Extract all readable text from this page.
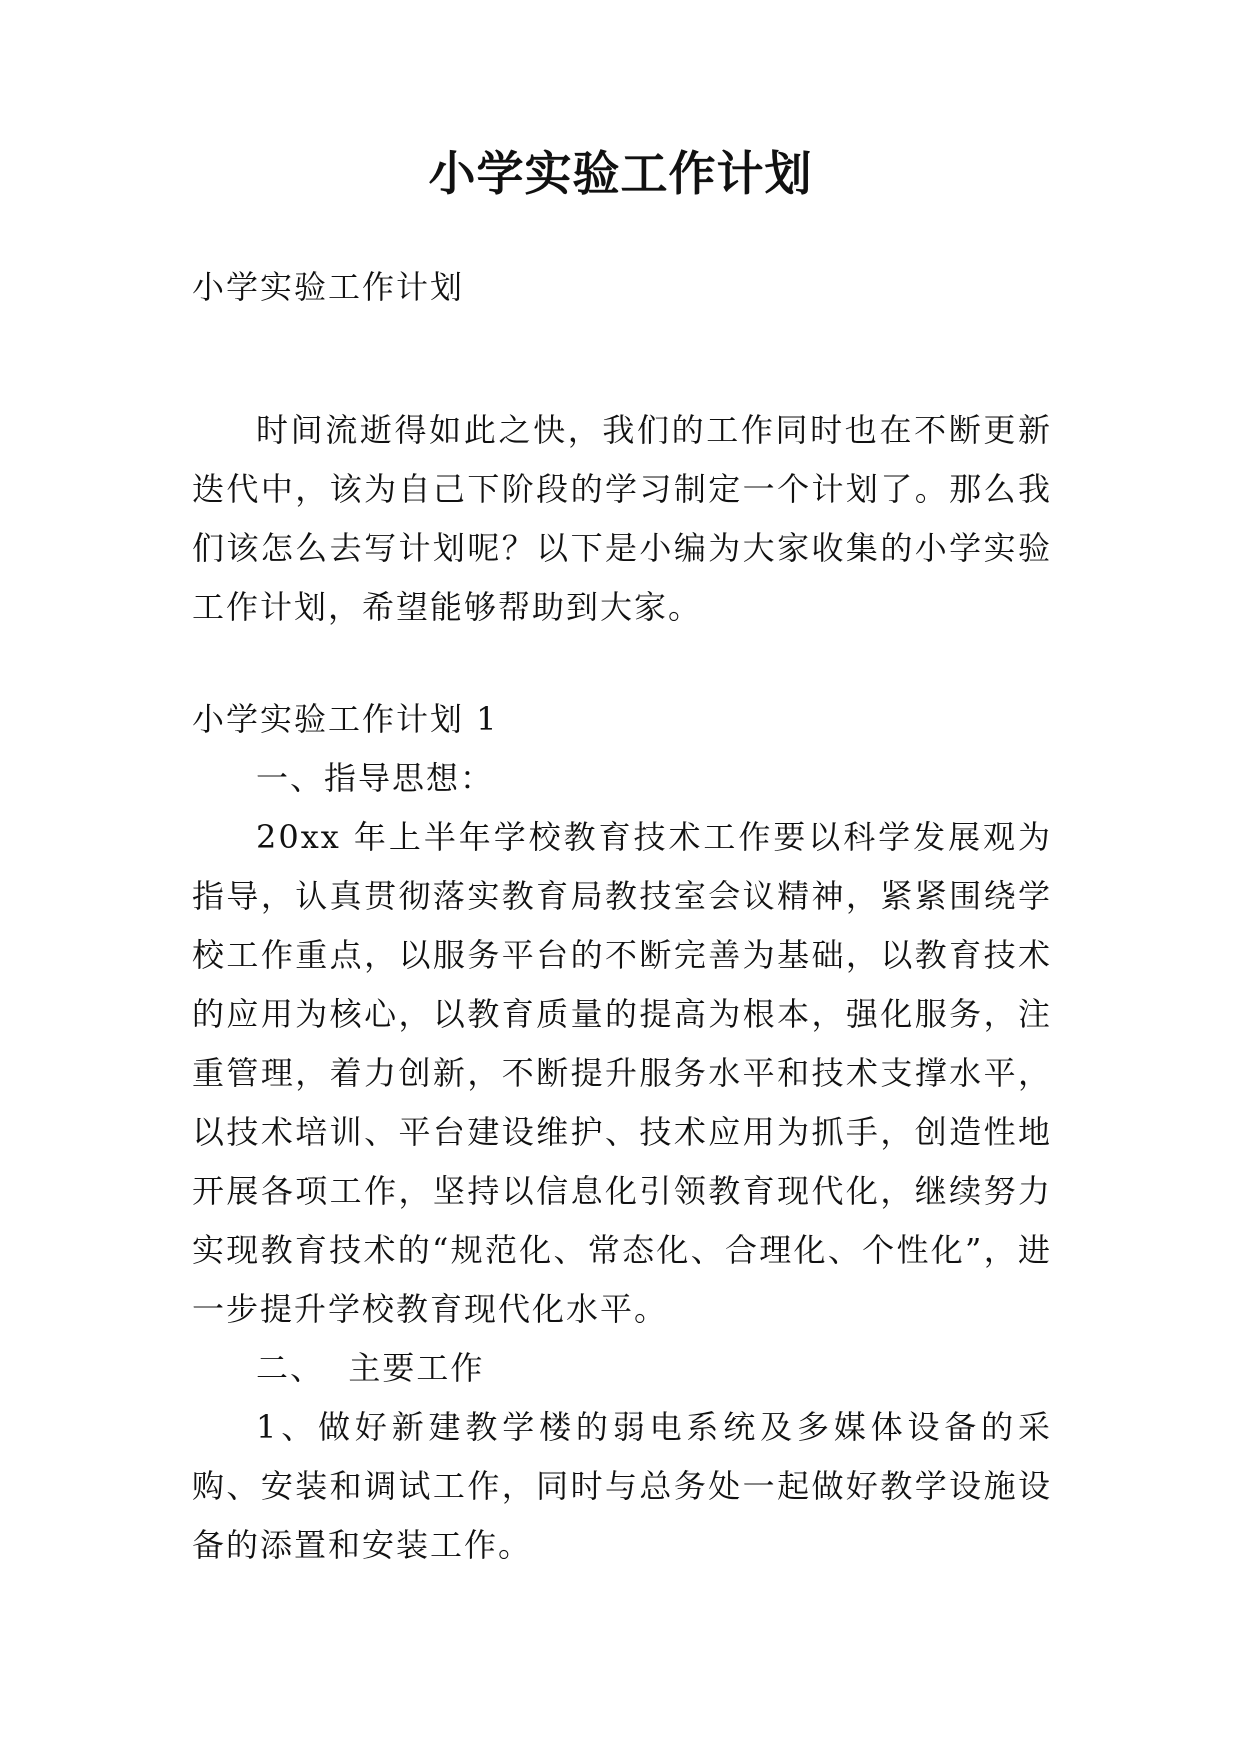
小学实验工作计划

小学实验工作计划

时间流逝得如此之快，我们的工作同时也在不断更新迭代中，该为自己下阶段的学习制定一个计划了。那么我们该怎么去写计划呢？以下是小编为大家收集的小学实验工作计划，希望能够帮助到大家。

小学实验工作计划 1

一、指导思想：

20xx 年上半年学校教育技术工作要以科学发展观为指导，认真贯彻落实教育局教技室会议精神，紧紧围绕学校工作重点，以服务平台的不断完善为基础，以教育技术的应用为核心，以教育质量的提高为根本，强化服务，注重管理，着力创新，不断提升服务水平和技术支撑水平，以技术培训、平台建设维护、技术应用为抓手，创造性地开展各项工作，坚持以信息化引领教育现代化，继续努力实现教育技术的“规范化、常态化、合理化、个性化”，进一步提升学校教育现代化水平。

二、  主要工作

1、做好新建教学楼的弱电系统及多媒体设备的采购、安装和调试工作，同时与总务处一起做好教学设施设备的添置和安装工作。
